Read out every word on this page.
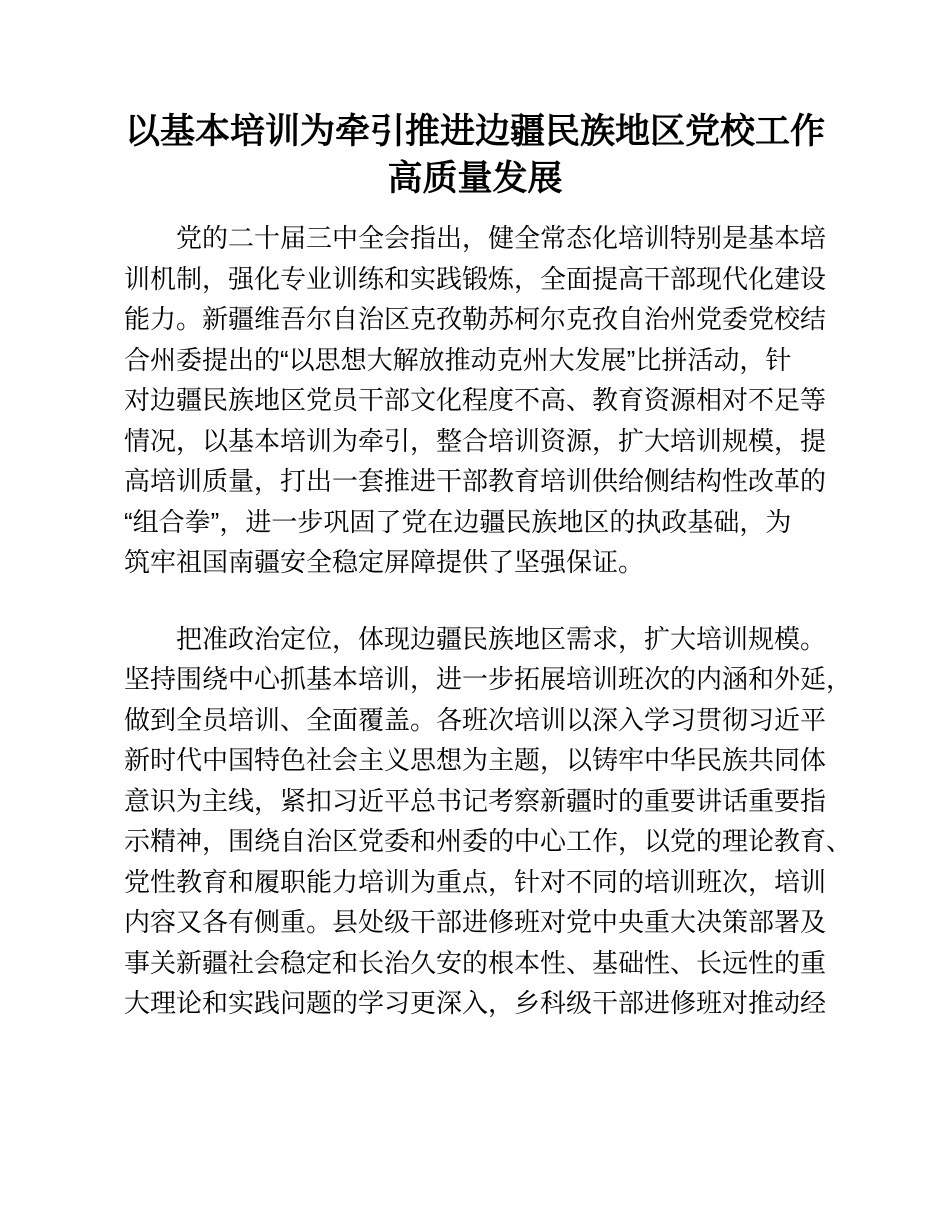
以基本培训为牵引推进边疆民族地区党校工作
高质量发展
党的二十届三中全会指出，健全常态化培训特别是基本培
训机制，强化专业训练和实践锻炼，全面提高干部现代化建设
能力。新疆维吾尔自治区克孜勒苏柯尔克孜自治州党委党校结
合州委提出的“以思想大解放推动克州大发展”比拼活动，针
对边疆民族地区党员干部文化程度不高、教育资源相对不足等
情况，以基本培训为牵引，整合培训资源，扩大培训规模，提
高培训质量，打出一套推进干部教育培训供给侧结构性改革的
“组合拳”，进一步巩固了党在边疆民族地区的执政基础，为
筑牢祖国南疆安全稳定屏障提供了坚强保证。
把准政治定位，体现边疆民族地区需求，扩大培训规模。
坚持围绕中心抓基本培训，进一步拓展培训班次的内涵和外延，
做到全员培训、全面覆盖。各班次培训以深入学习贯彻习近平
新时代中国特色社会主义思想为主题，以铸牢中华民族共同体
意识为主线，紧扣习近平总书记考察新疆时的重要讲话重要指
示精神，围绕自治区党委和州委的中心工作，以党的理论教育、
党性教育和履职能力培训为重点，针对不同的培训班次，培训
内容又各有侧重。县处级干部进修班对党中央重大决策部署及
事关新疆社会稳定和长治久安的根本性、基础性、长远性的重
大理论和实践问题的学习更深入，乡科级干部进修班对推动经
